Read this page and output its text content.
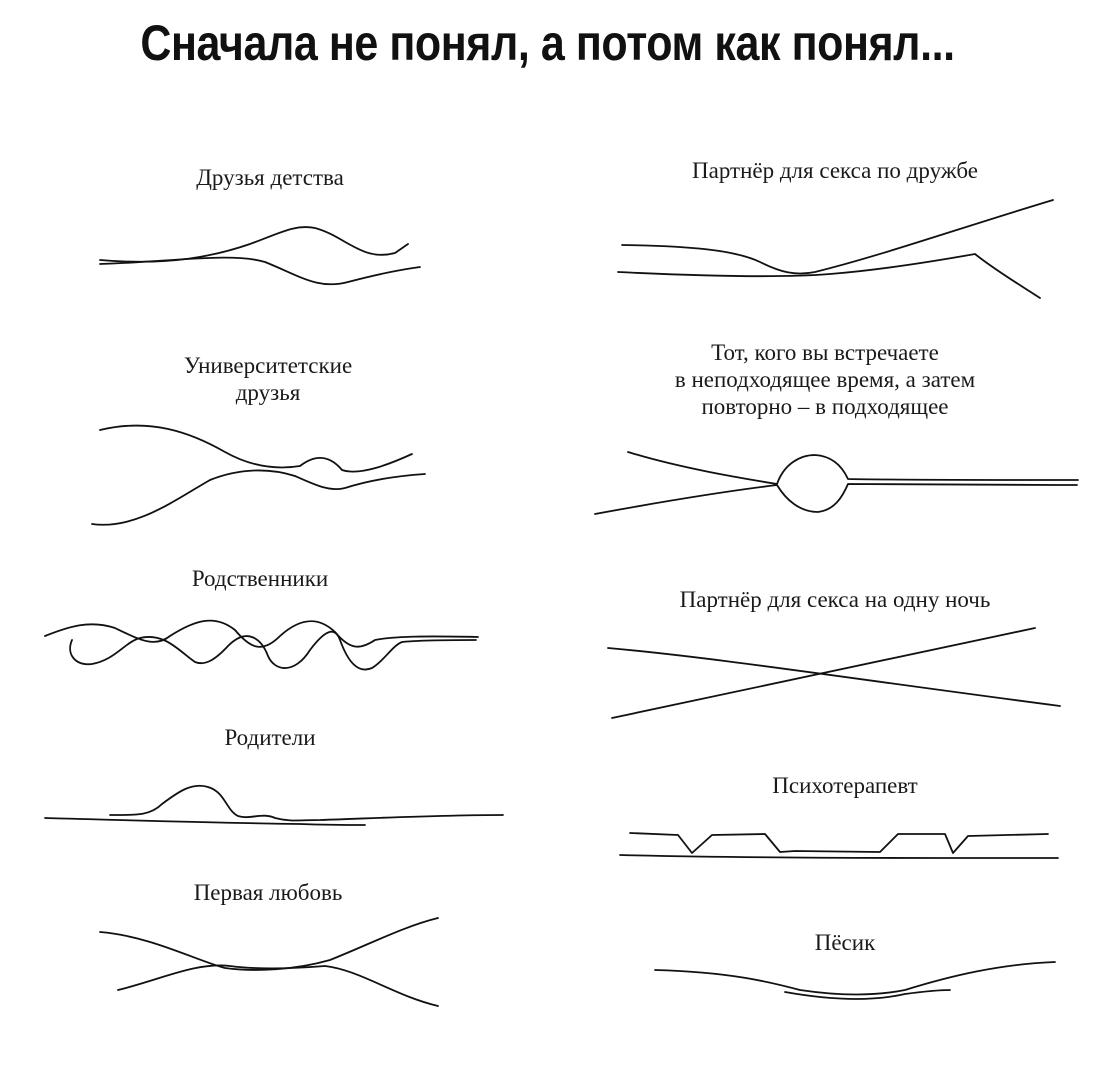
Сначала не понял, а потом как понял...
Друзья детства
Университетские
друзья
Родственники
Родители
Первая любовь
Партнёр для секса по дружбе
Тот, кого вы встречаете
в неподходящее время, а затем
повторно – в подходящее
Партнёр для секса на одну ночь
Психотерапевт
Пёсик
